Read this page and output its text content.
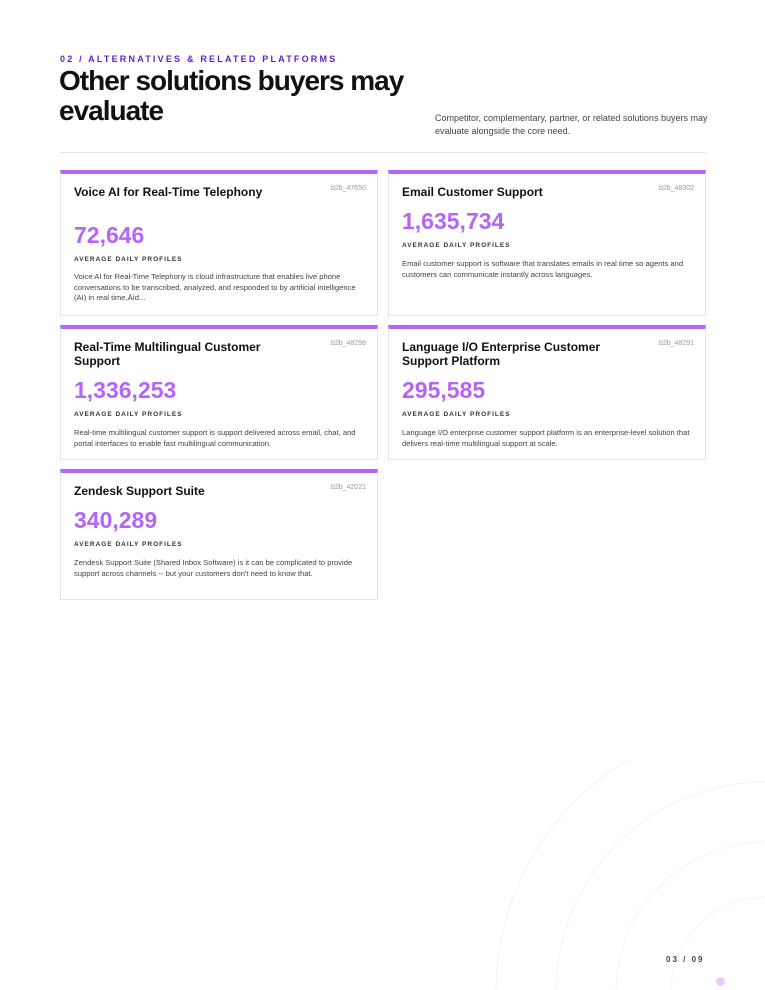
02 / ALTERNATIVES & RELATED PLATFORMS
Other solutions buyers may evaluate	Competitor, complementary, partner, or related solutions buyers may evaluate alongside the core need.

Voice AI for Real-Time Telephony	b2b_47650
72,646
AVERAGE DAILY PROFILES
Voice AI for Real-Time Telephony is cloud infrastructure that enables live phone conversations to be transcribed, analyzed, and responded to by artificial intelligence (AI) in real time,Äìd...
Email Customer Support	b2b_48302
1,635,734
AVERAGE DAILY PROFILES
Email customer support is software that translates emails in real time so agents and customers can communicate instantly across languages.
Real-Time Multilingual Customer Support
b2b_48298
1,336,253
AVERAGE DAILY PROFILES
Real-time multilingual customer support is support delivered across email, chat, and portal interfaces to enable fast multilingual communication.
Language I/O Enterprise Customer Support Platform
b2b_48291
295,585
AVERAGE DAILY PROFILES
Language I/O enterprise customer support platform is an enterprise-level solution that delivers real-time multilingual support at scale.
Zendesk Support Suite	b2b_42021
340,289
AVERAGE DAILY PROFILES
Zendesk Support Suite (Shared Inbox Software) is it can be complicated to provide support across channels -- but your customers don't need to know that.
03 / 09
